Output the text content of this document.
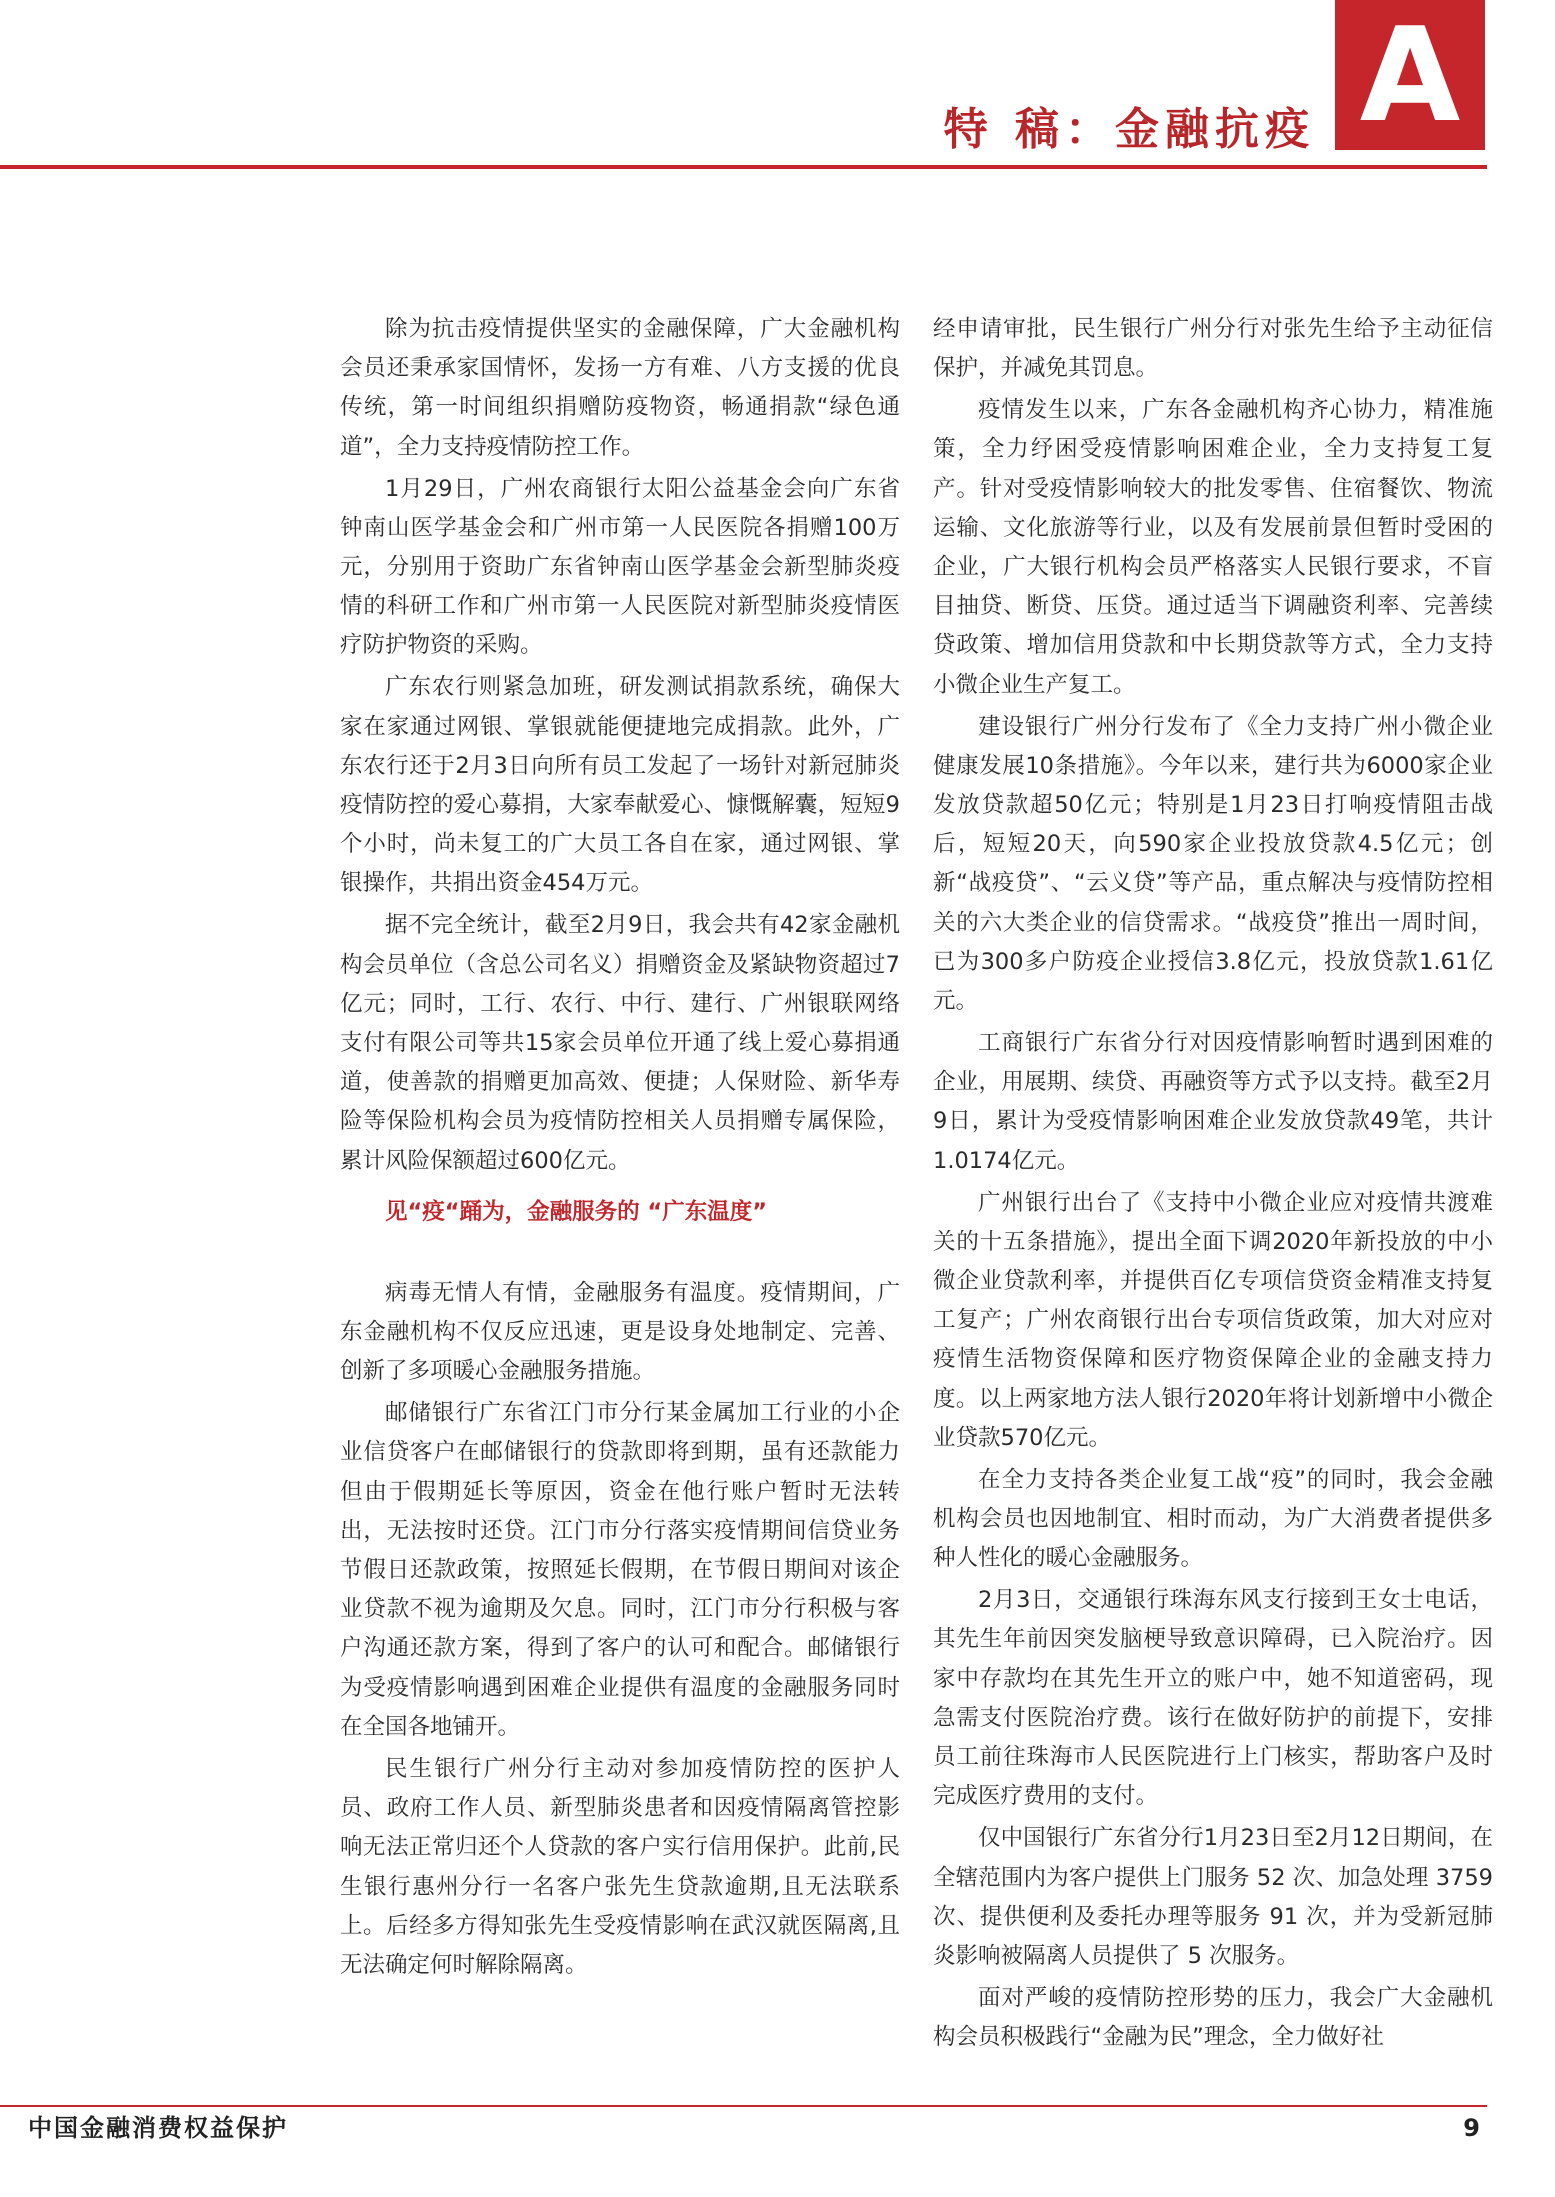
特 稿：金融抗疫 A

除为抗击疫情提供坚实的金融保障，广大金融机构会员还秉承家国情怀，发扬一方有难、八方支援的优良传统，第一时间组织捐赠防疫物资，畅通捐款“绿色通道”，全力支持疫情防控工作。

1月29日，广州农商银行太阳公益基金会向广东省钟南山医学基金会和广州市第一人民医院各捐赠100万元，分别用于资助广东省钟南山医学基金会新型肺炎疫情的科研工作和广州市第一人民医院对新型肺炎疫情医疗防护物资的采购。

广东农行则紧急加班，研发测试捐款系统，确保大家在家通过网银、掌银就能便捷地完成捐款。此外，广东农行还于2月3日向所有员工发起了一场针对新冠肺炎疫情防控的爱心募捐，大家奉献爱心、慷慨解囊，短短9个小时，尚未复工的广大员工各自在家，通过网银、掌银操作，共捐出资金454万元。

据不完全统计，截至2月9日，我会共有42家金融机构会员单位（含总公司名义）捐赠资金及紧缺物资超过7亿元；同时，工行、农行、中行、建行、广州银联网络支付有限公司等共15家会员单位开通了线上爱心募捐通道，使善款的捐赠更加高效、便捷；人保财险、新华寿险等保险机构会员为疫情防控相关人员捐赠专属保险，累计风险保额超过600亿元。

见“疫“踊为，金融服务的 “广东温度”

病毒无情人有情，金融服务有温度。疫情期间，广东金融机构不仅反应迅速，更是设身处地制定、完善、创新了多项暖心金融服务措施。

邮储银行广东省江门市分行某金属加工行业的小企业信贷客户在邮储银行的贷款即将到期，虽有还款能力但由于假期延长等原因，资金在他行账户暂时无法转出，无法按时还贷。江门市分行落实疫情期间信贷业务节假日还款政策，按照延长假期，在节假日期间对该企业贷款不视为逾期及欠息。同时，江门市分行积极与客户沟通还款方案，得到了客户的认可和配合。邮储银行为受疫情影响遇到困难企业提供有温度的金融服务同时在全国各地铺开。

民生银行广州分行主动对参加疫情防控的医护人员、政府工作人员、新型肺炎患者和因疫情隔离管控影响无法正常归还个人贷款的客户实行信用保护。此前,民生银行惠州分行一名客户张先生贷款逾期,且无法联系上。后经多方得知张先生受疫情影响在武汉就医隔离,且无法确定何时解除隔离。

经申请审批，民生银行广州分行对张先生给予主动征信保护，并减免其罚息。

疫情发生以来，广东各金融机构齐心协力，精准施策，全力纾困受疫情影响困难企业，全力支持复工复产。针对受疫情影响较大的批发零售、住宿餐饮、物流运输、文化旅游等行业，以及有发展前景但暂时受困的企业，广大银行机构会员严格落实人民银行要求，不盲目抽贷、断贷、压贷。通过适当下调融资利率、完善续贷政策、增加信用贷款和中长期贷款等方式，全力支持小微企业生产复工。

建设银行广州分行发布了《全力支持广州小微企业健康发展10条措施》。今年以来，建行共为6000家企业发放贷款超50亿元；特别是1月23日打响疫情阻击战后，短短20天，向590家企业投放贷款4.5亿元；创新“战疫贷”、“云义贷”等产品，重点解决与疫情防控相关的六大类企业的信贷需求。“战疫贷”推出一周时间，已为300多户防疫企业授信3.8亿元，投放贷款1.61亿元。

工商银行广东省分行对因疫情影响暂时遇到困难的企业，用展期、续贷、再融资等方式予以支持。截至2月9日，累计为受疫情影响困难企业发放贷款49笔，共计1.0174亿元。

广州银行出台了《支持中小微企业应对疫情共渡难关的十五条措施》，提出全面下调2020年新投放的中小微企业贷款利率，并提供百亿专项信贷资金精准支持复工复产；广州农商银行出台专项信货政策，加大对应对疫情生活物资保障和医疗物资保障企业的金融支持力度。以上两家地方法人银行2020年将计划新增中小微企业贷款570亿元。

在全力支持各类企业复工战“疫”的同时，我会金融机构会员也因地制宜、相时而动，为广大消费者提供多种人性化的暖心金融服务。

2月3日，交通银行珠海东风支行接到王女士电话，其先生年前因突发脑梗导致意识障碍，已入院治疗。因家中存款均在其先生开立的账户中，她不知道密码，现急需支付医院治疗费。该行在做好防护的前提下，安排员工前往珠海市人民医院进行上门核实，帮助客户及时完成医疗费用的支付。

仅中国银行广东省分行1月23日至2月12日期间，在全辖范围内为客户提供上门服务 52 次、加急处理 3759次、提供便利及委托办理等服务 91 次，并为受新冠肺炎影响被隔离人员提供了 5 次服务。

面对严峻的疫情防控形势的压力，我会广大金融机构会员积极践行“金融为民”理念，全力做好社

中国金融消费权益保护	9
